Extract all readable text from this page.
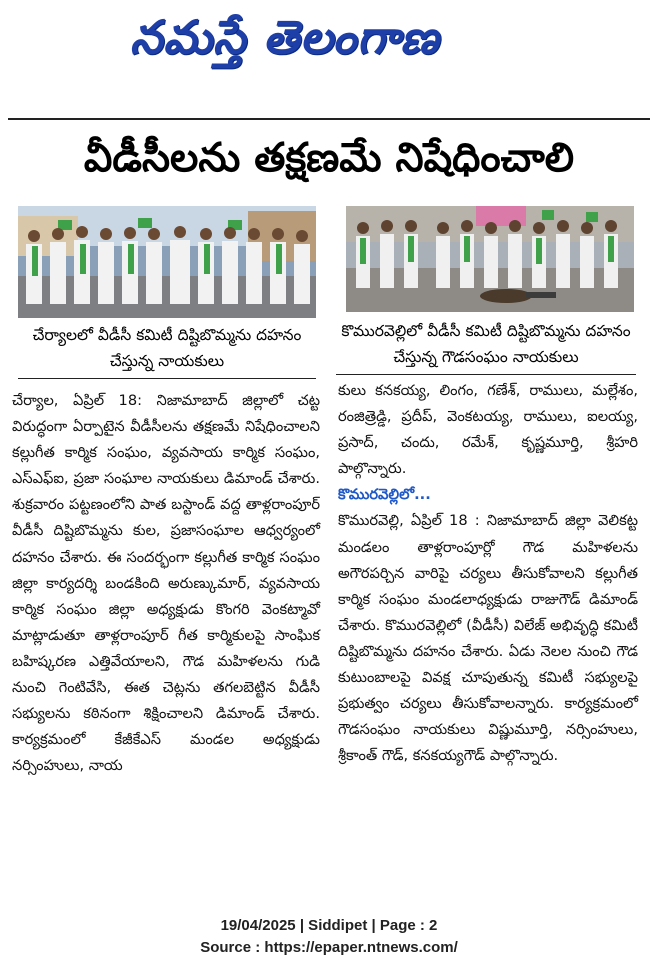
నమస్తే తెలంగాణ
వీడీసీలను తక్షణమే నిషేధించాలి
చేర్యాలలో వీడీసీ కమిటీ దిష్టిబొమ్మను దహనం చేస్తున్న నాయకులు
కొమురవెల్లిలో వీడీసీ కమిటీ దిష్టిబొమ్మను దహనం చేస్తున్న గౌడసంఘం నాయకులు

చేర్యాల, ఏప్రిల్ 18: నిజామాబాద్ జిల్లాలో చట్ట విరుద్ధంగా ఏర్పాటైన వీడీసీలను తక్షణమే నిషేధించాలని కల్లుగీత కార్మిక సంఘం, వ్యవసాయ కార్మిక సంఘం, ఎస్ఎఫ్ఐ, ప్రజా సంఘాల నాయకులు డిమాండ్ చేశారు. శుక్రవారం పట్టణంలోని పాత బస్టాండ్ వద్ద తాళ్లరాంపూర్ వీడీసీ దిష్టిబొమ్మను కుల, ప్రజాసంఘాల ఆధ్వర్యంలో దహనం చేశారు. ఈ సందర్భంగా కల్లుగీత కార్మిక సంఘం జిల్లా కార్యదర్శి బండకింది అరుణ్కుమార్, వ్యవసాయ కార్మిక సంఘం జిల్లా అధ్యక్షుడు కొంగరి వెంకట్మావో మాట్లాడుతూ తాళ్లరాంపూర్ గీత కార్మికులపై సాంఘిక బహిష్కరణ ఎత్తివేయాలని, గౌడ మహిళలను గుడి నుంచి గెంటివేసి, ఈత చెట్లను తగలబెట్టిన వీడీసీ సభ్యులను కఠినంగా శిక్షించాలని డిమాండ్ చేశారు. కార్యక్రమంలో కేజీకేఎస్ మండల అధ్యక్షుడు నర్సింహులు, నాయ

కులు కనకయ్య, లింగం, గణేశ్, రాములు, మల్లేశం, రంజిత్రెడ్డి, ప్రదీప్, వెంకటయ్య, రాములు, ఐలయ్య, ప్రసాద్, చందు, రమేశ్, కృష్ణమూర్తి, శ్రీహరి పాల్గొన్నారు.

కొమురవెల్లిలో...

కొమురవెల్లి, ఏప్రిల్ 18 : నిజామాబాద్ జిల్లా వెలికట్ట మండలం తాళ్లరాంపూర్లో గౌడ మహిళలను అగౌరపర్చిన వారిపై చర్యలు తీసుకోవాలని కల్లుగీత కార్మిక సంఘం మండలాధ్యక్షుడు రాజుగౌడ్ డిమాండ్ చేశారు. కొమురవెల్లిలో (వీడీసీ) విలేజ్ అభివృద్ధి కమిటీ దిష్టిబొమ్మను దహనం చేశారు. ఏడు నెలల నుంచి గౌడ కుటుంబాలపై వివక్ష చూపుతున్న కమిటీ సభ్యులపై ప్రభుత్వం చర్యలు తీసుకోవాలన్నారు. కార్యక్రమంలో గౌడసంఘం నాయకులు విష్ణుమూర్తి, నర్సింహులు, శ్రీకాంత్ గౌడ్, కనకయ్యగౌడ్ పాల్గొన్నారు.

19/04/2025 | Siddipet | Page : 2
Source : https://epaper.ntnews.com/
